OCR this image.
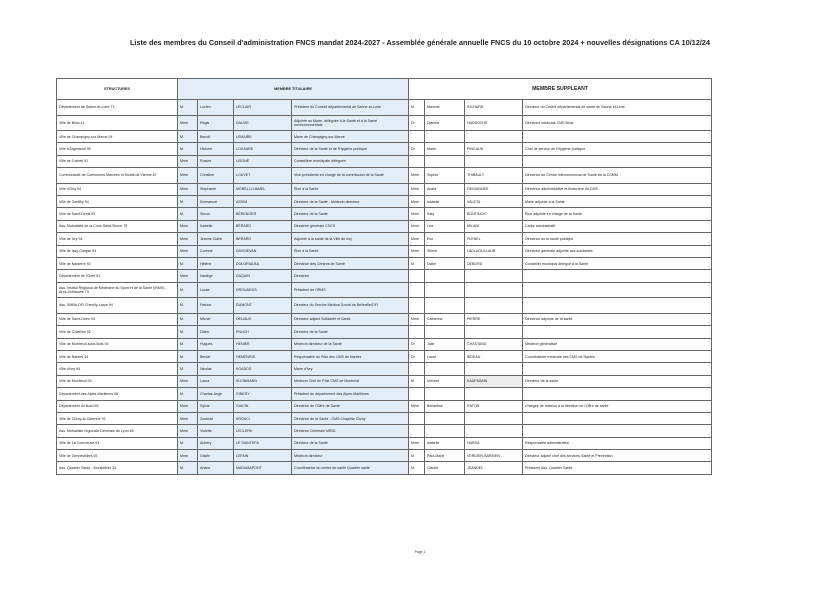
Liste des membres du Conseil d'administration FNCS mandat 2024-2027 - Assemblée générale annuelle FNCS du 10 octobre 2024 + nouvelles désignations CA 10/12/24
STRUCTURES	MEMBRE TITULAIRE				MEMBRE SUPPLEANT			
Département de Saône-et-Loire 71	M.	Lucien	LECLAIR	Président du Conseil départemental de Saône-et-Loire	M.	Maxime	RICHARD	Directeur du Centre départemental de santé de Saône-et-Loire
Ville de Blois 41	Mme	Régis	DAUGE	Adjointe au Maire, déléguée à la Santé et à la Santé environnementale	Dr	Djamila	HADDUCHE	Directrice médicale CMS Blois
Ville de Champigny-sur-Marne 94	M.	Benoît	LEMAIRE	Maire de Champigny-sur-Marne				
Ville d'Argenteuil 95	M.	Hichem	LOUAARE	Directeur de la Santé et de l'Hygiène publique	Dr	Marie	PINCAUD	Chef de service de l'Hygiène publique
Ville de Corbeil 91	Mme	Rosine	LISONE	Conseillère municipale déléguée				
Communauté de Communes Marches et Monts de Vienne 87	Mme	Christine	LOUVET	Vice-présidente en charge de la commission de la Santé	Mme	Sophie	THIBAULT	Directrice du Centre intercommunal de Santé de la CCMM
Ville d'Orly 94	Mme	Stéphanie	MORELLI-HAMEL	Élue à la Santé	Mme	Anaïs	DEGUINNEE	Directrice administrative et financière du CMS
Ville de Gentilly 94	M.	Emmanuel	ASSIM	Directeur de la Santé - Médecin directeur	Mme	Isabelle	VALETA	Maire adjointe à la Santé
Ville de Saint-Denis 93	M.	Simon	BÉRENGER	Directeur de la Santé	Mme	Katy	BONTINCK	Élue adjointe en charge de la Santé
Ass. Mutualiste de la Croix-Saint-Simon 75	Mme	Isabelle	BÉRARD	Directrice générale CSCS	Mme	Léa	MILANI	Cadre administratif
Ville de Ivry 94	Mme	Jeanne Claire	BÉRARD	Adjointe à la santé de la Ville de Ivry	Mme	Eve	FLENEL	Directrice de la santé publique
Ville de Issy-Gurgan 93	Mme	Corinne	DASSIEVAN	Élue à la Santé	Mme	Sihem	LADLAOUI-LAUB	Directrice générale adjointe aux solidarités
Ville de Nanterre 92	M.	Hélène	DOLORIALBA	Directrice des Centres de Santé	M.	Didier	DEBORD	Conseiller municipal délégué à la Santé
Département de l'Orne 61	Mme	Nadège	DAQUIN	Directrice				
Ass. Institut Régional de Médecine du Sport et de la Santé (IRMS) - Ares-Guillaume 74	M.	Lucas	DROUADOS	Président de l'IRMS				
Ass. SMBA OFI Chevilly-Larue 94	M.	Patrice	DUMONT	Directeur du Service Médical Social de Belleville/OFI				
Ville de Saint-Ouen 93	M.	Michel	DELIAUX	Directeur adjoint Solidarité et Santé	Mme	Catherine	PIERRE	Directrice adjointe de la santé
Ville de Chatillon 92	M.	Didier	ENUCH	Directeur de la Santé				
Ville de Montreuil-sous-Bois 93	M.	Hugues	HENIER	Médecin directeur de la Santé	Dr	Julie	CHASTANG	Médecin généraliste
Ville de Nantes 44	M.	Benoit	HEMENRIS	Responsable du Pôle des CMS de Nantes	Dr	Laure	BIDEAU	Coordinatrice médicale des CMS de Nantes
Ville d'Ivry 94	M.	Nicolas	KOADOS	Maire d'Ivry				
Ville de Montreuil 93	Mme	Laura	KLEINMANN	Médecin Chef de Pôle CMS de Montreuil	M.	Vincent	KAUFMANN	Directeur de la santé
Département des Alpes-Maritimes 06	M.	Charles-Ange	GINESY	Président du département des Alpes-Maritimes				
Département du Nord 59	Mme	Sylvie	GIACIN	Directrice de l'Offre de Santé	Mme	Bellantine	RATON	Chargée de mission à la direction de l'Offre de santé
Ville de Clichy-la-Garenne 92	Mme	Zoubida	KROUCI	Directrice de la Santé - CMS Chapelle Clichy				
Ass. Mutualiste régionale Générale de Lyon 69	Mme	Violette	LECLERK	Directrice Générale MRGL				
Ville de La Courneuve 93	M.	Aubery	LE SAINTEFA	Directeur de la Santé	Mme	Isabelle	HARDA	Responsable administrative
Ville de Gennevilliers 92	Mme	Gisèle	LEFAIN	Médecin directeur	M.	Paul-Marie	VERDIER-BAREIEN	Directeur adjoint chef des services Santé et Prévention
Ass. Quartier Santé - Montpellier 34	M.	Ariane	MADAMAPONT	Coordinatrice du centre de santé Quartier santé	M.	Claude	JEANDEL	Président Ass. Quartier Santé
Page 1
